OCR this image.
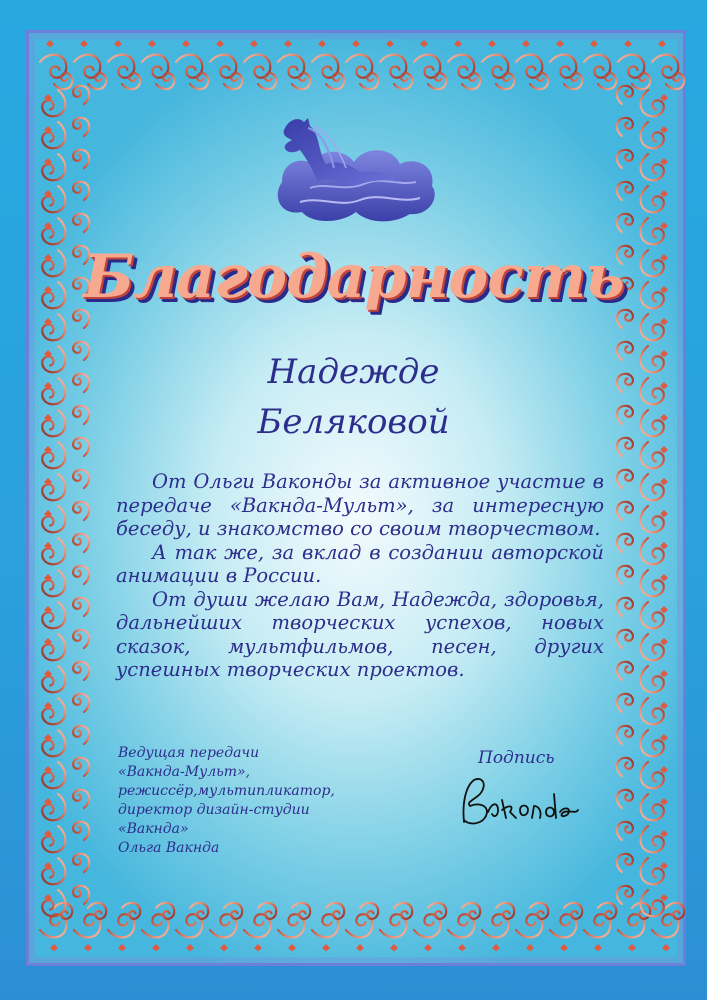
Благодарность
Надежде
Беляковой

От Ольги Ваконды за активное участие в передаче «Вакнда-Мульт», за интересную беседу, и знакомство со своим творчеством.

А так же, за вклад в создании авторской анимации в России.

От души желаю Вам, Надежда, здоровья, дальнейших творческих успехов, новых сказок, мультфильмов, песен, других успешных творческих проектов.

Ведущая передачи
«Вакнда-Мульт»,
режиссёр,мультипликатор,
директор дизайн-студии
«Вакнда»
Ольга Вакнда
Подпись
